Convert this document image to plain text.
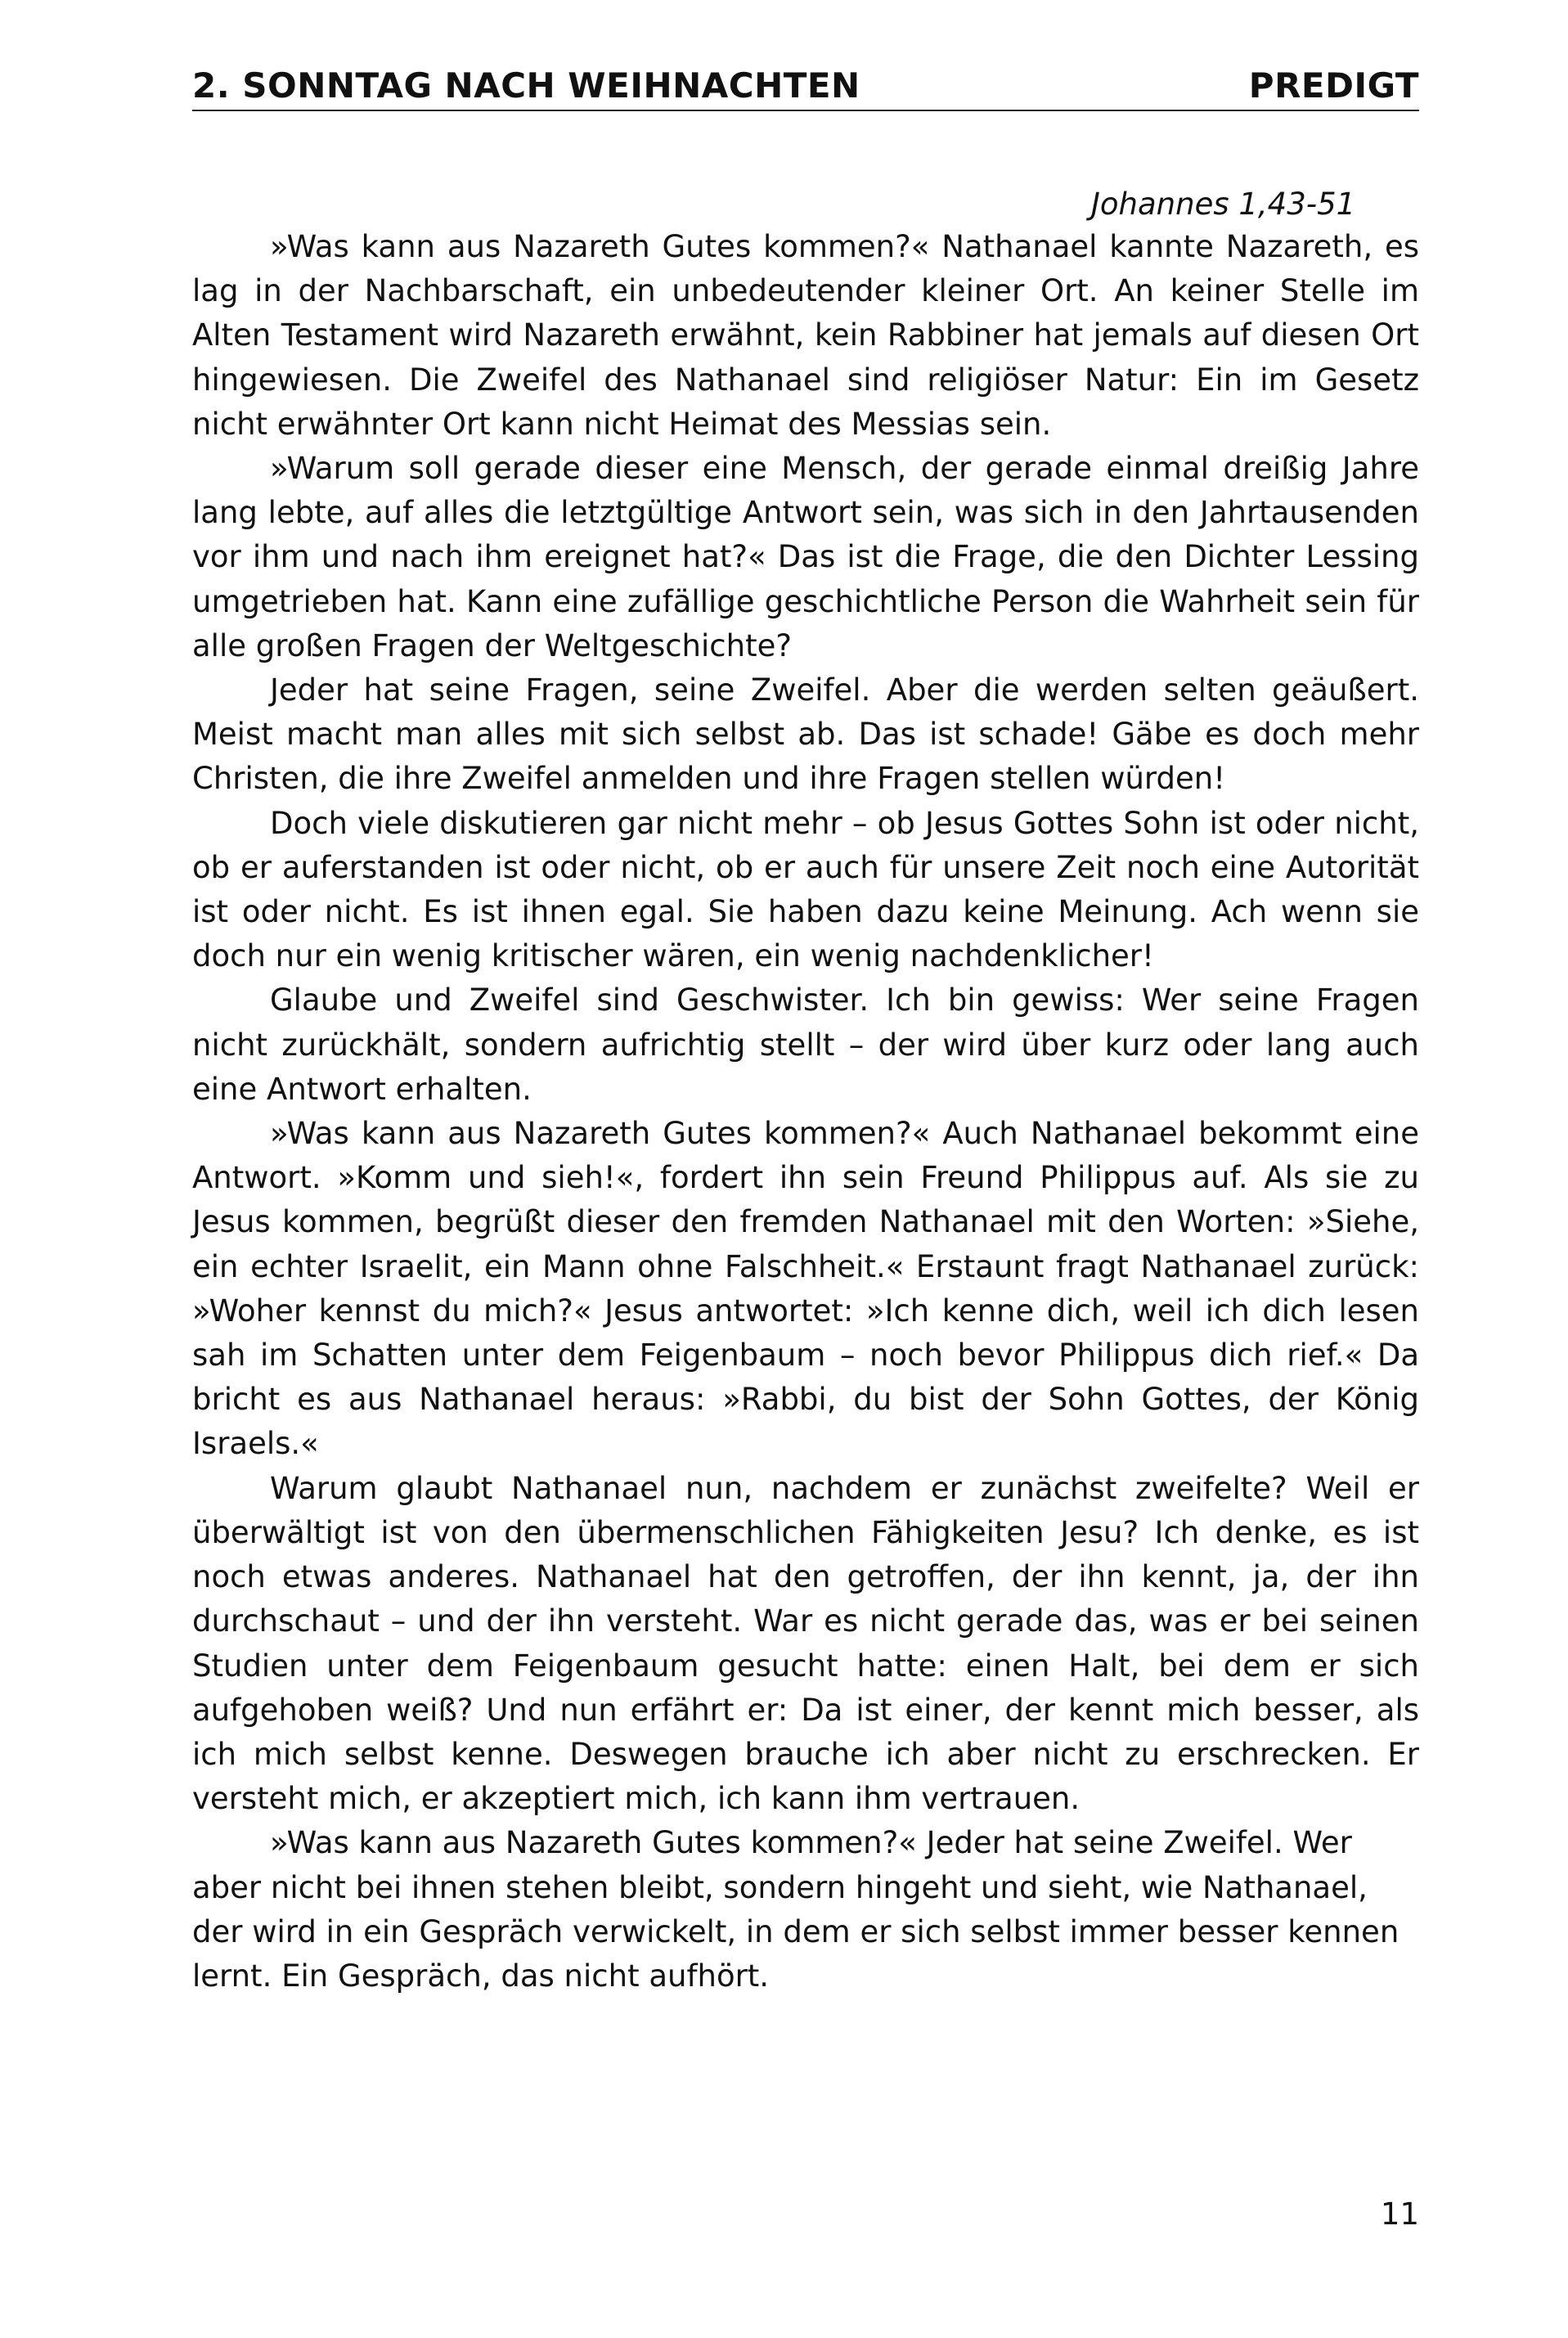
2. SONNTAG NACH WEIHNACHTEN	PREDIGT
Johannes 1,43-51

»Was kann aus Nazareth Gutes kommen?« Nathanael kannte Nazareth, es lag in der Nachbarschaft, ein unbedeutender kleiner Ort. An keiner Stelle im Alten Testament wird Nazareth erwähnt, kein Rabbiner hat jemals auf diesen Ort hingewiesen. Die Zweifel des Nathanael sind religiöser Natur: Ein im Gesetz nicht erwähnter Ort kann nicht Heimat des Messias sein.

»Warum soll gerade dieser eine Mensch, der gerade einmal dreißig Jahre lang lebte, auf alles die letztgültige Antwort sein, was sich in den Jahrtausenden vor ihm und nach ihm ereignet hat?« Das ist die Frage, die den Dichter Lessing umgetrieben hat. Kann eine zufällige geschichtliche Person die Wahrheit sein für alle großen Fragen der Weltgeschichte?

Jeder hat seine Fragen, seine Zweifel. Aber die werden selten geäußert. Meist macht man alles mit sich selbst ab. Das ist schade! Gäbe es doch mehr Christen, die ihre Zweifel anmelden und ihre Fragen stellen würden!

Doch viele diskutieren gar nicht mehr – ob Jesus Gottes Sohn ist oder nicht, ob er auferstanden ist oder nicht, ob er auch für unsere Zeit noch eine Autorität ist oder nicht. Es ist ihnen egal. Sie haben dazu keine Meinung. Ach wenn sie doch nur ein wenig kritischer wären, ein wenig nachdenklicher!

Glaube und Zweifel sind Geschwister. Ich bin gewiss: Wer seine Fragen nicht zurückhält, sondern aufrichtig stellt – der wird über kurz oder lang auch eine Antwort erhalten.

»Was kann aus Nazareth Gutes kommen?« Auch Nathanael bekommt eine Antwort. »Komm und sieh!«, fordert ihn sein Freund Philippus auf. Als sie zu Jesus kommen, begrüßt dieser den fremden Nathanael mit den Worten: »Siehe, ein echter Israelit, ein Mann ohne Falschheit.« Erstaunt fragt Nathanael zurück: »Woher kennst du mich?« Jesus antwortet: »Ich kenne dich, weil ich dich lesen sah im Schatten unter dem Feigenbaum – noch bevor Philippus dich rief.« Da bricht es aus Nathanael heraus: »Rabbi, du bist der Sohn Gottes, der König Israels.«

Warum glaubt Nathanael nun, nachdem er zunächst zweifelte? Weil er überwältigt ist von den übermenschlichen Fähigkeiten Jesu? Ich denke, es ist noch etwas anderes. Nathanael hat den getroffen, der ihn kennt, ja, der ihn durchschaut – und der ihn versteht. War es nicht gerade das, was er bei seinen Studien unter dem Feigenbaum gesucht hatte: einen Halt, bei dem er sich aufgehoben weiß? Und nun erfährt er: Da ist einer, der kennt mich besser, als ich mich selbst kenne. Deswegen brauche ich aber nicht zu erschrecken. Er versteht mich, er akzeptiert mich, ich kann ihm vertrauen.

»Was kann aus Nazareth Gutes kommen?« Jeder hat seine Zweifel. Wer aber nicht bei ihnen stehen bleibt, sondern hingeht und sieht, wie Nathanael, der wird in ein Gespräch verwickelt, in dem er sich selbst immer besser kennen lernt. Ein Gespräch, das nicht aufhört.

11
